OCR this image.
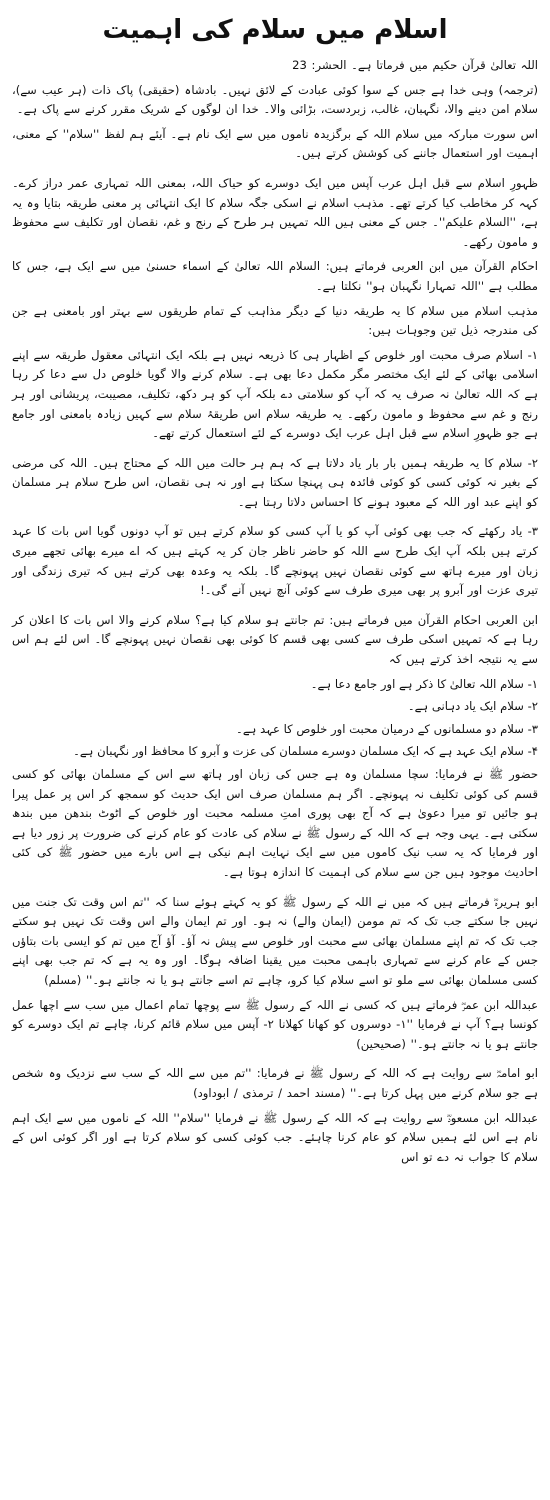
اسلام میں سلام کی اہمیت
اللہ تعالیٰ قرآن حکیم میں فرماتا ہے۔ الحشر: 23
(ترجمہ) وہی خدا ہے جس کے سوا کوئی عبادت کے لائق نہیں۔ بادشاہ (حقیقی) پاک ذات (ہر عیب سے)، سلام امن دینے والا، نگہبان، غالب، زبردست، بڑائی والا۔ خدا ان لوگوں کے شریک مقرر کرنے سے پاک ہے۔
اس سورت مبارکہ میں سلام اللہ کے برگزیدہ ناموں میں سے ایک نام ہے۔ آیئے ہم لفظ ''سلام'' کے معنی، اہمیت اور استعمال جاننے کی کوشش کرتے ہیں۔
ظہورِ اسلام سے قبل اہل عرب آپس میں ایک دوسرے کو حیاک اللہ، بمعنی اللہ تمہاری عمر دراز کرے۔ کہہ کر مخاطب کیا کرتے تھے۔ مذہب اسلام نے اسکی جگہ سلام کا ایک انتہائی پر معنی طریقہ بتایا وہ یہ ہے، ''السلام علیکم''۔ جس کے معنی ہیں اللہ تمہیں ہر طرح کے رنج و غم، نقصان اور تکلیف سے محفوظ و مامون رکھے۔
احکام القرآن میں ابن العربی فرماتے ہیں: السلام اللہ تعالیٰ کے اسماء حسنیٰ میں سے ایک ہے، جس کا مطلب ہے ''اللہ تمہارا نگہبان ہو'' نکلتا ہے۔
مذہب اسلام میں سلام کا یہ طریقہ دنیا کے دیگر مذاہب کے تمام طریقوں سے بہتر اور بامعنی ہے جن کی مندرجہ ذیل تین وجوہات ہیں:
۱- اسلام صرف محبت اور خلوص کے اظہار ہی کا ذریعہ نہیں ہے بلکہ ایک انتہائی معقول طریقہ سے اپنے اسلامی بھائی کے لئے ایک مختصر مگر مکمل دعا بھی ہے۔ سلام کرنے والا گویا خلوص دل سے دعا کر رہا ہے کہ اللہ تعالیٰ نہ صرف یہ کہ آپ کو سلامتی دے بلکہ آپ کو ہر دکھ، تکلیف، مصیبت، پریشانی اور ہر رنج و غم سے محفوظ و مامون رکھے۔ یہ طریقہ سلام اس طریقۂ سلام سے کہیں زیادہ بامعنی اور جامع ہے جو ظہورِ اسلام سے قبل اہل عرب ایک دوسرے کے لئے استعمال کرتے تھے۔
۲- سلام کا یہ طریقہ ہمیں بار بار یاد دلاتا ہے کہ ہم ہر حالت میں اللہ کے محتاج ہیں۔ اللہ کی مرضی کے بغیر نہ کوئی کسی کو کوئی فائدہ ہی پہنچا سکتا ہے اور نہ ہی نقصان، اس طرح سلام ہر مسلمان کو اپنے عبد اور اللہ کے معبود ہونے کا احساس دلاتا رہتا ہے۔
۳- یاد رکھئے کہ جب بھی کوئی آپ کو یا آپ کسی کو سلام کرتے ہیں تو آپ دونوں گویا اس بات کا عہد کرتے ہیں بلکہ آپ ایک طرح سے اللہ کو حاضر ناظر جان کر یہ کہتے ہیں کہ اے میرے بھائی تجھے میری زبان اور میرے ہاتھ سے کوئی نقصان نہیں پہونچے گا۔ بلکہ یہ وعدہ بھی کرتے ہیں کہ تیری زندگی اور تیری عزت اور آبرو پر بھی میری طرف سے کوئی آنچ نہیں آنے گی۔!
ابن العربی احکام القرآن میں فرماتے ہیں: تم جانتے ہو سلام کیا ہے؟ سلام کرنے والا اس بات کا اعلان کر رہا ہے کہ تمہیں اسکی طرف سے کسی بھی قسم کا کوئی بھی نقصان نہیں پہونچے گا۔ اس لئے ہم اس سے یہ نتیجہ اخذ کرتے ہیں کہ
۱- سلام اللہ تعالیٰ کا ذکر ہے اور جامع دعا ہے۔
۲- سلام ایک یاد دہانی ہے۔
۳- سلام دو مسلمانوں کے درمیان محبت اور خلوص کا عہد ہے۔
۴- سلام ایک عہد ہے کہ ایک مسلمان دوسرے مسلمان کی عزت و آبرو کا محافظ اور نگہبان ہے۔
حضور ﷺ نے فرمایا: سچا مسلمان وہ ہے جس کی زبان اور ہاتھ سے اس کے مسلمان بھائی کو کسی قسم کی کوئی تکلیف نہ پہونچے۔ اگر ہم مسلمان صرف اس ایک حدیث کو سمجھ کر اس پر عمل پیرا ہو جائیں تو میرا دعویٰ ہے کہ آج بھی پوری امتِ مسلمہ محبت اور خلوص کے اٹوٹ بندھن میں بندھ سکتی ہے۔ یہی وجہ ہے کہ اللہ کے رسول ﷺ نے سلام کی عادت کو عام کرنے کی ضرورت پر زور دیا ہے اور فرمایا کہ یہ سب نیک کاموں میں سے ایک نہایت اہم نیکی ہے اس بارے میں حضور ﷺ کی کئی احادیث موجود ہیں جن سے سلام کی اہمیت کا اندازہ ہوتا ہے۔
ابو ہریرہؓ فرماتے ہیں کہ میں نے اللہ کے رسول ﷺ کو یہ کہتے ہوئے سنا کہ ''تم اس وقت تک جنت میں نہیں جا سکتے جب تک کہ تم مومن (ایمان والے) نہ ہو۔ اور تم ایمان والے اس وقت تک نہیں ہو سکتے جب تک کہ تم اپنے مسلمان بھائی سے محبت اور خلوص سے پیش نہ آؤ۔ آؤ آج میں تم کو ایسی بات بتاؤں جس کے عام کرنے سے تمہاری باہمی محبت میں یقینا اضافہ ہوگا۔ اور وہ یہ ہے کہ تم جب بھی اپنے کسی مسلمان بھائی سے ملو تو اسے سلام کیا کرو، چاہے تم اسے جانتے ہو یا نہ جانتے ہو۔'' (مسلم)
عبداللہ ابن عمرؓ فرماتے ہیں کہ کسی نے اللہ کے رسول ﷺ سے پوچھا تمام اعمال میں سب سے اچھا عمل کونسا ہے؟ آپ نے فرمایا ''۱- دوسروں کو کھانا کھلانا ۲- آپس میں سلام قائم کرنا، چاہے تم ایک دوسرے کو جانتے ہو یا نہ جانتے ہو۔'' (صحیحین)
ابو امامہؓ سے روایت ہے کہ اللہ کے رسول ﷺ نے فرمایا: ''تم میں سے اللہ کے سب سے نزدیک وہ شخص ہے جو سلام کرنے میں پہل کرتا ہے۔'' (مسند احمد / ترمذی / ابوداود)
عبداللہ ابن مسعودؓ سے روایت ہے کہ اللہ کے رسول ﷺ نے فرمایا ''سلام'' اللہ کے ناموں میں سے ایک اہم نام ہے اس لئے ہمیں سلام کو عام کرنا چاہئے۔ جب کوئی کسی کو سلام کرتا ہے اور اگر کوئی اس کے سلام کا جواب نہ دے تو اس
